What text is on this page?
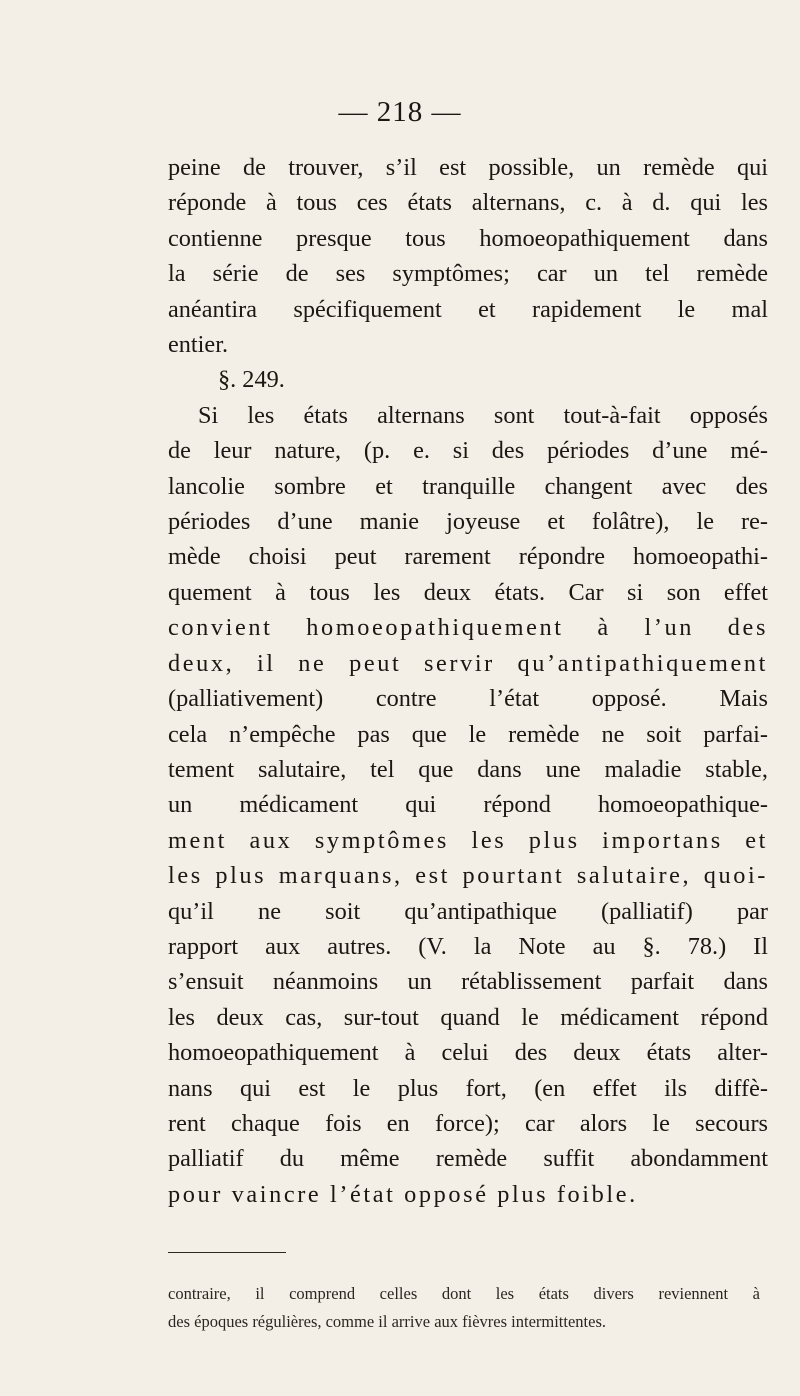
— 218 —
peine de trouver, s’il est possible, un remède qui
réponde à tous ces états alternans, c. à d. qui les
contienne presque tous homoeopathiquement dans
la série de ses symptômes; car un tel remède
anéantira spécifiquement et rapidement le mal
entier.
§. 249.
Si les états alternans sont tout-à-fait opposés
de leur nature, (p. e. si des périodes d’une mé-
lancolie sombre et tranquille changent avec des
périodes d’une manie joyeuse et folâtre), le re-
mède choisi peut rarement répondre homoeopathi-
quement à tous les deux états. Car si son effet
convient homoeopathiquement à l’un des
deux, il ne peut servir qu’antipathiquement
(palliativement) contre l’état opposé. Mais
cela n’empêche pas que le remède ne soit parfai-
tement salutaire, tel que dans une maladie stable,
un médicament qui répond homoeopathique-
ment aux symptômes les plus importans et
les plus marquans, est pourtant salutaire, quoi-
qu’il ne soit qu’antipathique (palliatif) par
rapport aux autres. (V. la Note au §. 78.) Il
s’ensuit néanmoins un rétablissement parfait dans
les deux cas, sur-tout quand le médicament répond
homoeopathiquement à celui des deux états alter-
nans qui est le plus fort, (en effet ils diffè-
rent chaque fois en force); car alors le secours
palliatif du même remède suffit abondamment
pour vaincre l’état opposé plus foible.
contraire, il comprend celles dont les états divers reviennent à
des époques régulières, comme il arrive aux fièvres intermittentes.
